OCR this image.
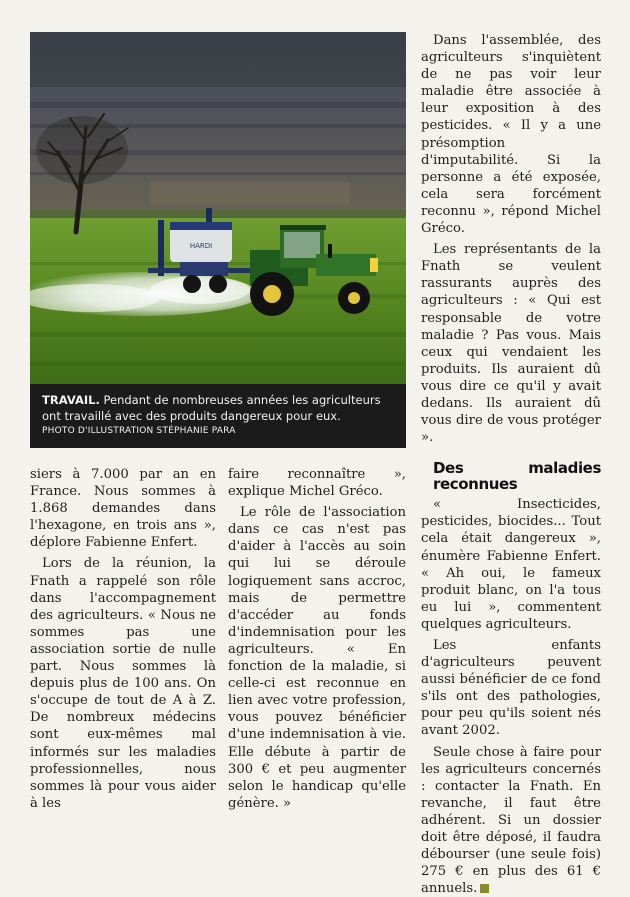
HARDI
TRAVAIL. Pendant de nombreuses années les agriculteurs ont travaillé avec des produits dangereux pour eux.
PHOTO D'ILLUSTRATION STÉPHANIE PARA

siers à 7.000 par an en France. Nous sommes à 1.868 demandes dans l'hexagone, en trois ans », déplore Fabienne Enfert.

Lors de la réunion, la Fnath a rappelé son rôle dans l'accompagnement des agriculteurs. « Nous ne sommes pas une association sortie de nulle part. Nous sommes là depuis plus de 100 ans. On s'occupe de tout de A à Z. De nombreux médecins sont eux-mêmes mal informés sur les maladies professionnelles, nous sommes là pour vous aider à les

faire reconnaître », explique Michel Gréco.

Le rôle de l'association dans ce cas n'est pas d'aider à l'accès au soin qui lui se déroule logiquement sans accroc, mais de permettre d'accéder au fonds d'indemnisation pour les agriculteurs. « En fonction de la maladie, si celle-ci est reconnue en lien avec votre profession, vous pouvez bénéficier d'une indemnisation à vie. Elle débute à partir de 300 € et peu augmenter selon le handicap qu'elle génère. »

Dans l'assemblée, des agriculteurs s'inquiètent de ne pas voir leur maladie être associée à leur exposition à des pesticides. « Il y a une présomption d'imputabilité. Si la personne a été exposée, cela sera forcément reconnu », répond Michel Gréco.

Les représentants de la Fnath se veulent rassurants auprès des agriculteurs : « Qui est responsable de votre maladie ? Pas vous. Mais ceux qui vendaient les produits. Ils auraient dû vous dire ce qu'il y avait dedans. Ils auraient dû vous dire de vous protéger ».

Des maladies reconnues

« Insecticides, pesticides, biocides... Tout cela était dangereux », énumère Fabienne Enfert. « Ah oui, le fameux produit blanc, on l'a tous eu lui », commentent quelques agriculteurs.

Les enfants d'agriculteurs peuvent aussi bénéficier de ce fond s'ils ont des pathologies, pour peu qu'ils soient nés avant 2002.

Seule chose à faire pour les agriculteurs concernés : contacter la Fnath. En revanche, il faut être adhérent. Si un dossier doit être déposé, il faudra débourser (une seule fois) 275 € en plus des 61 € annuels.
